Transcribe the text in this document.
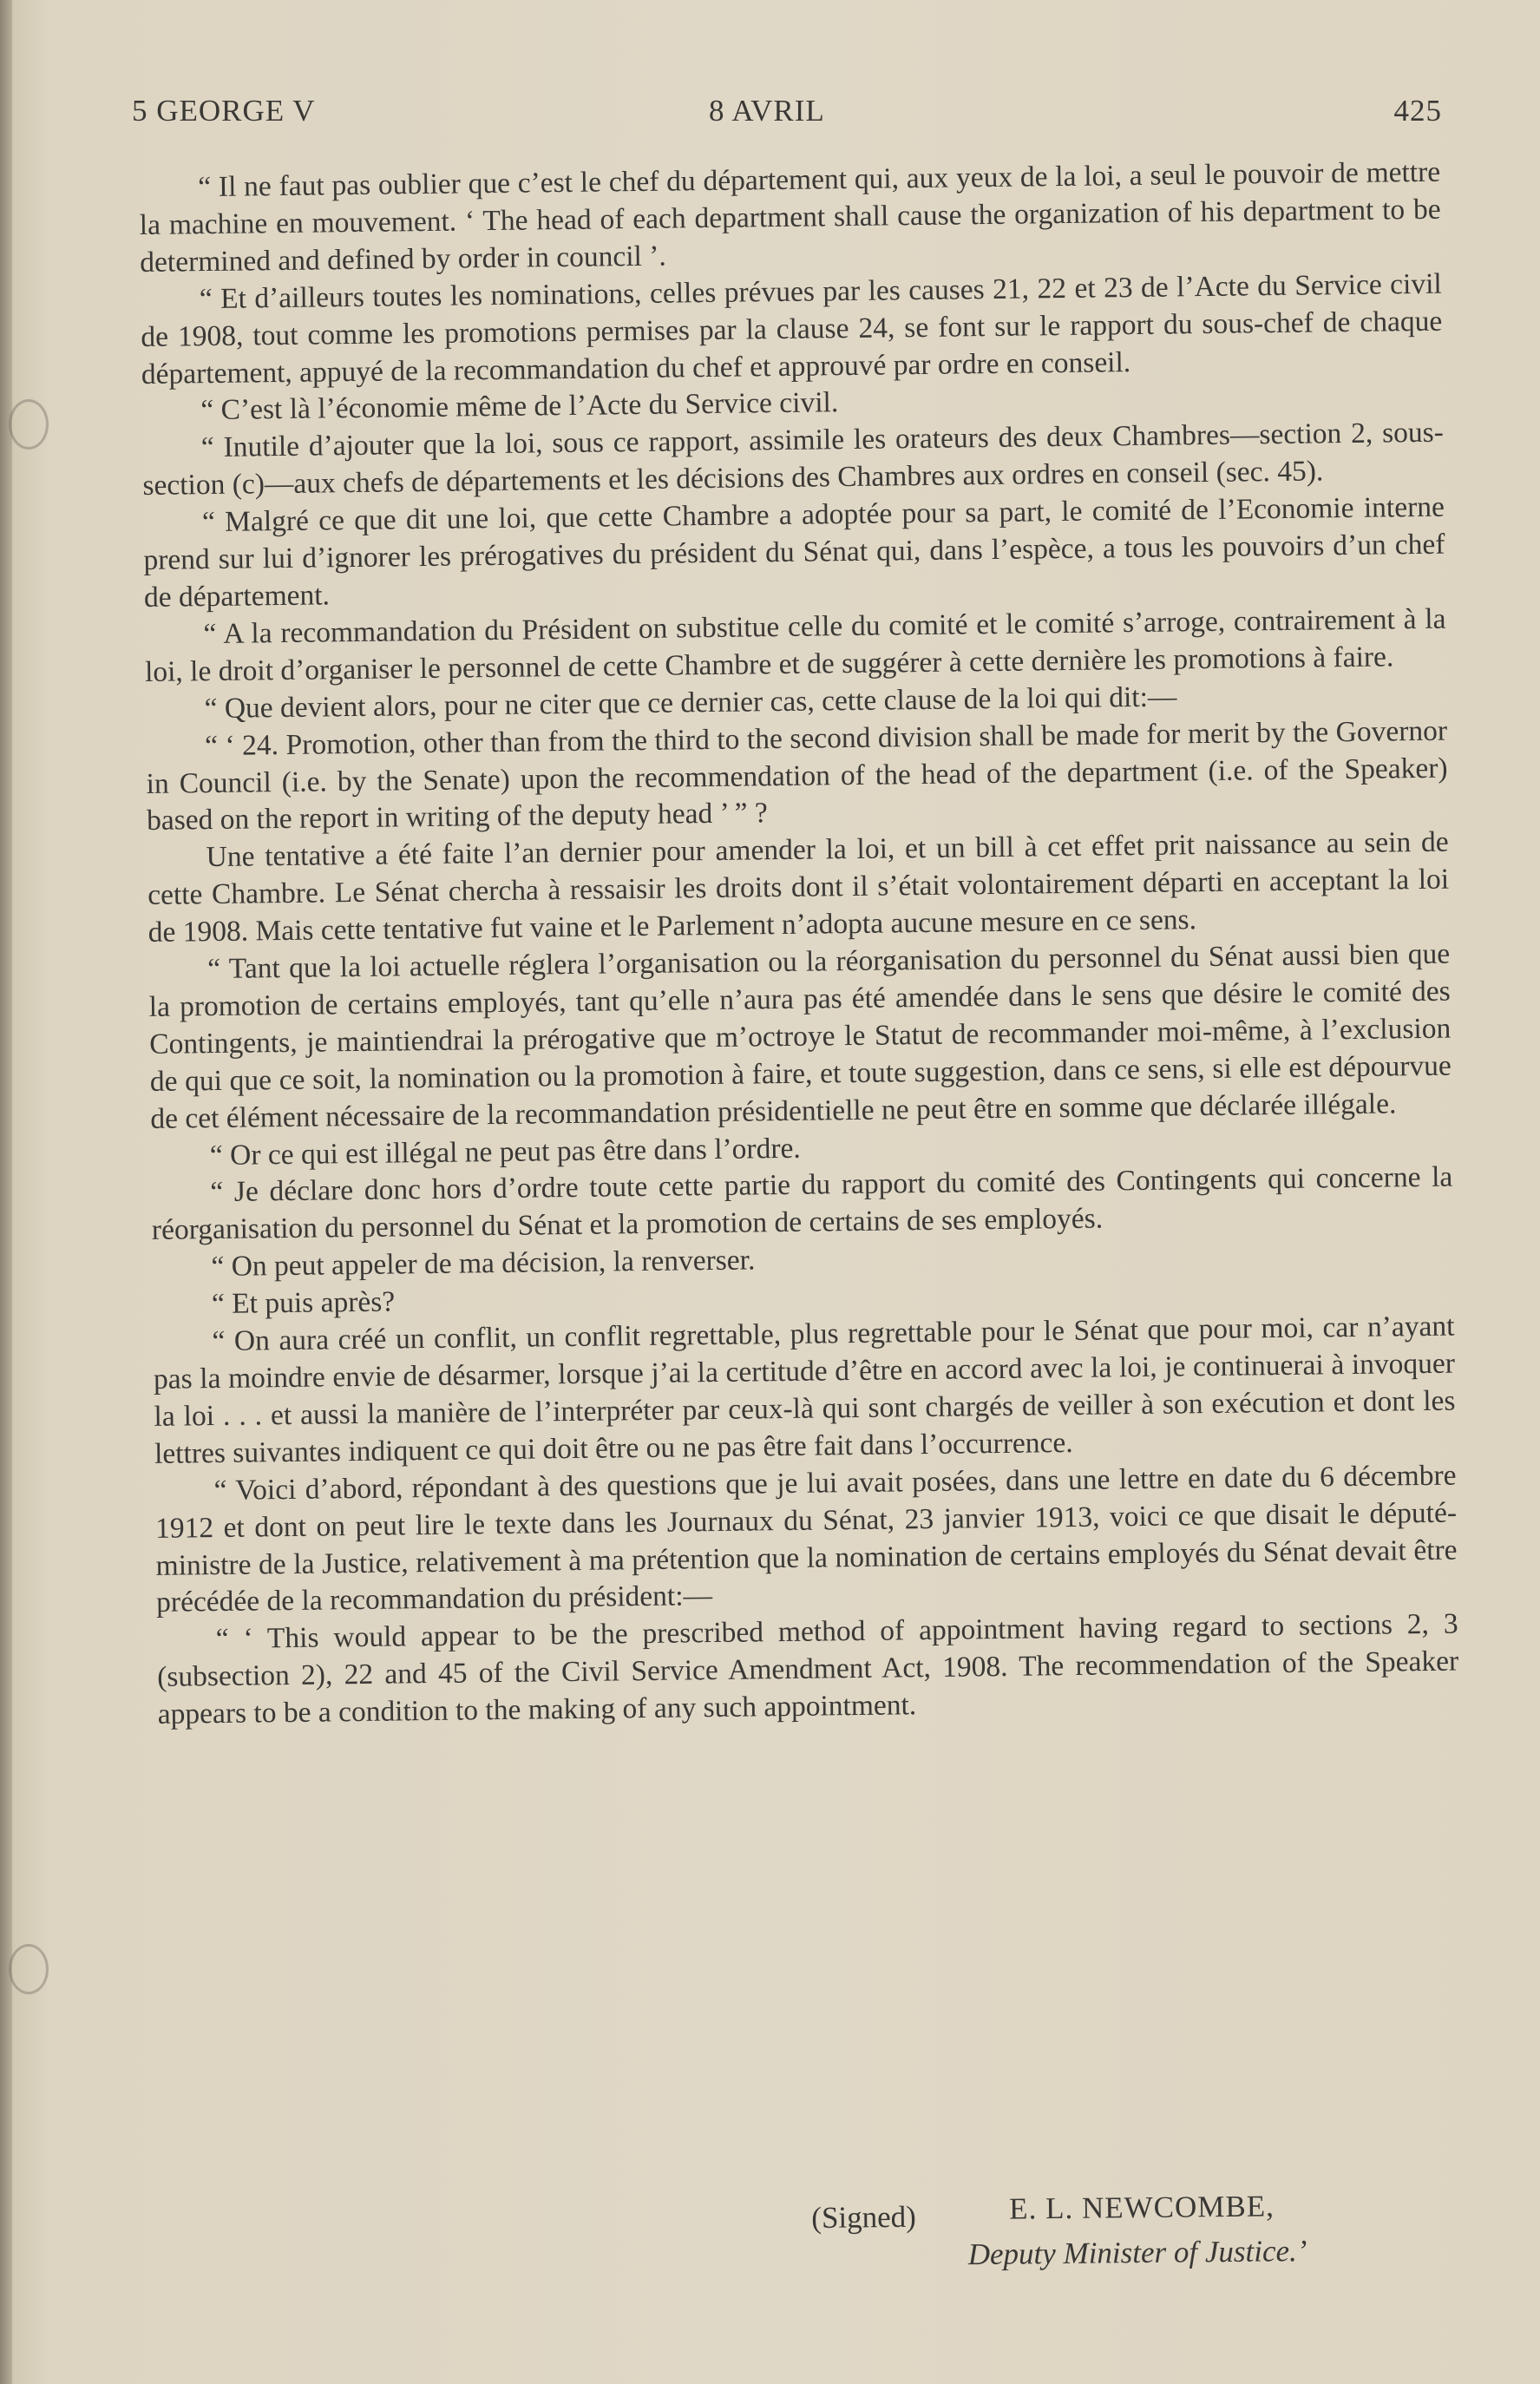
5 GEORGE V	8 AVRIL	425

“ Il ne faut pas oublier que c’est le chef du département qui, aux yeux de la loi, a seul le pouvoir de mettre la machine en mouvement. ‘ The head of each department shall cause the organization of his department to be determined and defined by order in council ’.

“ Et d’ailleurs toutes les nominations, celles prévues par les causes 21, 22 et 23 de l’Acte du Service civil de 1908, tout comme les promotions permises par la clause 24, se font sur le rapport du sous-chef de chaque département, appuyé de la recommandation du chef et approuvé par ordre en conseil.

“ C’est là l’économie même de l’Acte du Service civil.

“ Inutile d’ajouter que la loi, sous ce rapport, assimile les orateurs des deux Chambres—section 2, sous-section (c)—aux chefs de départements et les décisions des Chambres aux ordres en conseil (sec. 45).

“ Malgré ce que dit une loi, que cette Chambre a adoptée pour sa part, le comité de l’Economie interne prend sur lui d’ignorer les prérogatives du président du Sénat qui, dans l’espèce, a tous les pouvoirs d’un chef de département.

“ A la recommandation du Président on substitue celle du comité et le comité s’arroge, contrairement à la loi, le droit d’organiser le personnel de cette Chambre et de suggérer à cette dernière les promotions à faire.

“ Que devient alors, pour ne citer que ce dernier cas, cette clause de la loi qui dit:—

“ ‘ 24. Promotion, other than from the third to the second division shall be made for merit by the Governor in Council (i.e. by the Senate) upon the recommendation of the head of the department (i.e. of the Speaker) based on the report in writing of the deputy head ’ ” ?

Une tentative a été faite l’an dernier pour amender la loi, et un bill à cet effet prit naissance au sein de cette Chambre. Le Sénat chercha à ressaisir les droits dont il s’était volontairement départi en acceptant la loi de 1908. Mais cette tentative fut vaine et le Parlement n’adopta aucune mesure en ce sens.

“ Tant que la loi actuelle réglera l’organisation ou la réorganisation du personnel du Sénat aussi bien que la promotion de certains employés, tant qu’elle n’aura pas été amendée dans le sens que désire le comité des Contingents, je maintiendrai la prérogative que m’octroye le Statut de recommander moi-même, à l’exclusion de qui que ce soit, la nomination ou la promotion à faire, et toute suggestion, dans ce sens, si elle est dépourvue de cet élément nécessaire de la recommandation présidentielle ne peut être en somme que déclarée illégale.

“ Or ce qui est illégal ne peut pas être dans l’ordre.

“ Je déclare donc hors d’ordre toute cette partie du rapport du comité des Contingents qui concerne la réorganisation du personnel du Sénat et la promotion de certains de ses employés.

“ On peut appeler de ma décision, la renverser.

“ Et puis après?

“ On aura créé un conflit, un conflit regrettable, plus regrettable pour le Sénat que pour moi, car n’ayant pas la moindre envie de désarmer, lorsque j’ai la certitude d’être en accord avec la loi, je continuerai à invoquer la loi . . . et aussi la manière de l’interpréter par ceux-là qui sont chargés de veiller à son exécution et dont les lettres suivantes indiquent ce qui doit être ou ne pas être fait dans l’occurrence.

“ Voici d’abord, répondant à des questions que je lui avait posées, dans une lettre en date du 6 décembre 1912 et dont on peut lire le texte dans les Journaux du Sénat, 23 janvier 1913, voici ce que disait le député-ministre de la Justice, relativement à ma prétention que la nomination de certains employés du Sénat devait être précédée de la recommandation du président:—

“ ‘ This would appear to be the prescribed method of appointment having regard to sections 2, 3 (subsection 2), 22 and 45 of the Civil Service Amendment Act, 1908. The recommendation of the Speaker appears to be a condition to the making of any such appointment.

(Signed)	E. L. NEWCOMBE,
Deputy Minister of Justice.’
